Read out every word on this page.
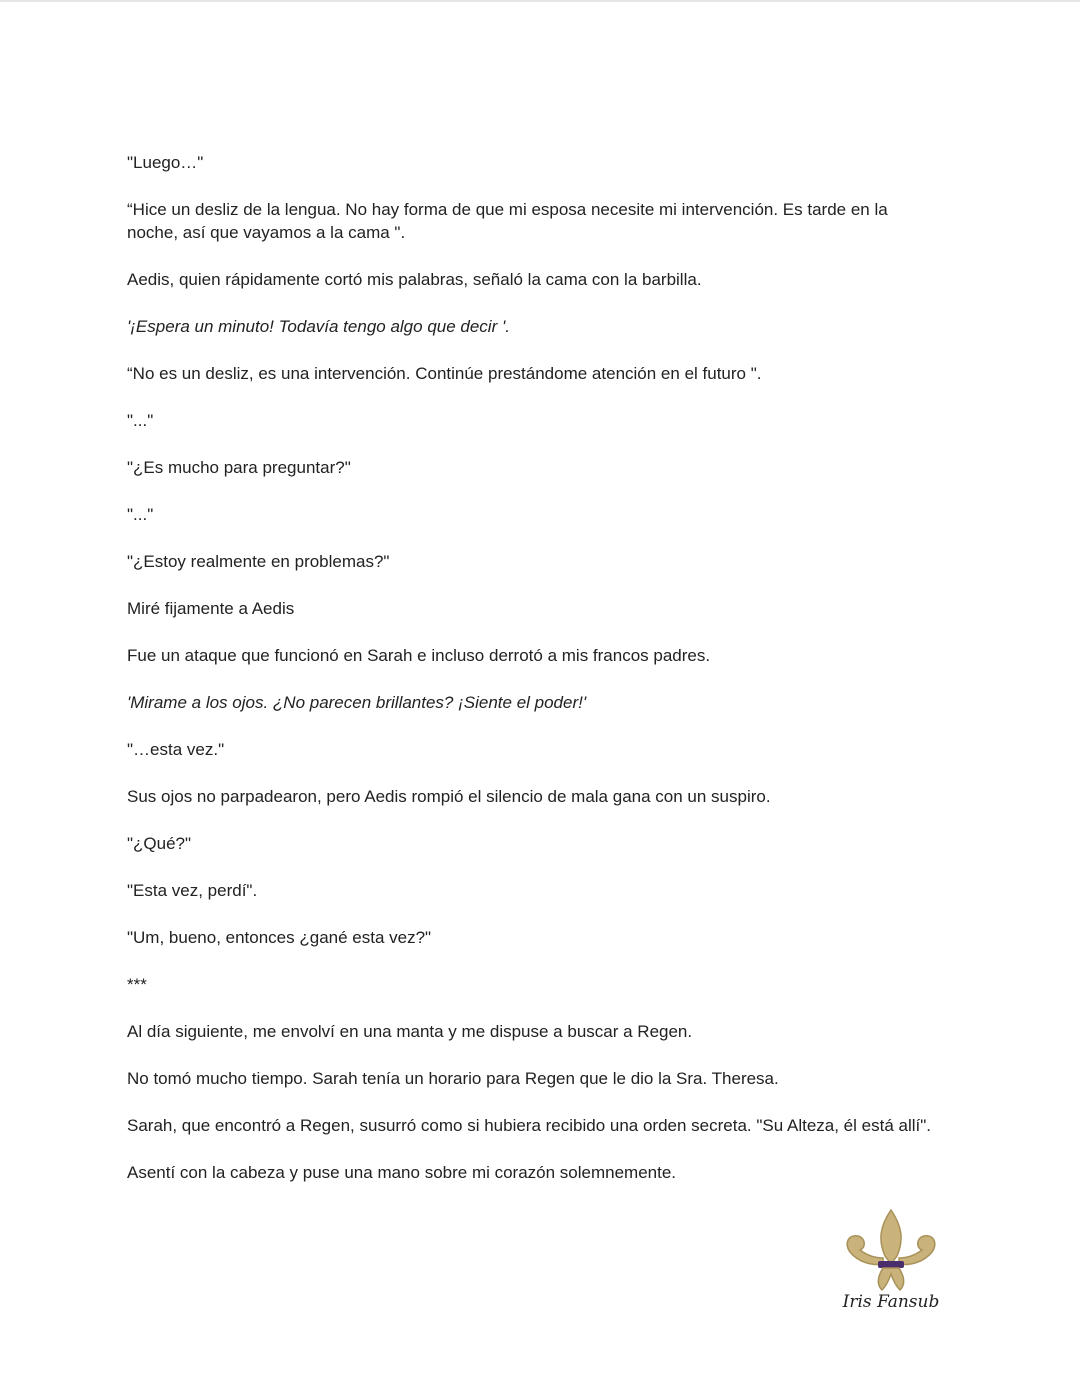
"Luego…"

“Hice un desliz de la lengua. No hay forma de que mi esposa necesite mi intervención. Es tarde en la noche, así que vayamos a la cama ".

Aedis, quien rápidamente cortó mis palabras, señaló la cama con la barbilla.

'¡Espera un minuto! Todavía tengo algo que decir '.

“No es un desliz, es una intervención. Continúe prestándome atención en el futuro ".

"..."

"¿Es mucho para preguntar?"

"..."

"¿Estoy realmente en problemas?"

Miré fijamente a Aedis

Fue un ataque que funcionó en Sarah e incluso derrotó a mis francos padres.

'Mirame a los ojos. ¿No parecen brillantes? ¡Siente el poder!'

"…esta vez."

Sus ojos no parpadearon, pero Aedis rompió el silencio de mala gana con un suspiro.

"¿Qué?"

"Esta vez, perdí".

"Um, bueno, entonces ¿gané esta vez?"

***

Al día siguiente, me envolví en una manta y me dispuse a buscar a Regen.

No tomó mucho tiempo. Sarah tenía un horario para Regen que le dio la Sra. Theresa.

Sarah, que encontró a Regen, susurró como si hubiera recibido una orden secreta. "Su Alteza, él está allí".

Asentí con la cabeza y puse una mano sobre mi corazón solemnemente.

Iris Fansub
